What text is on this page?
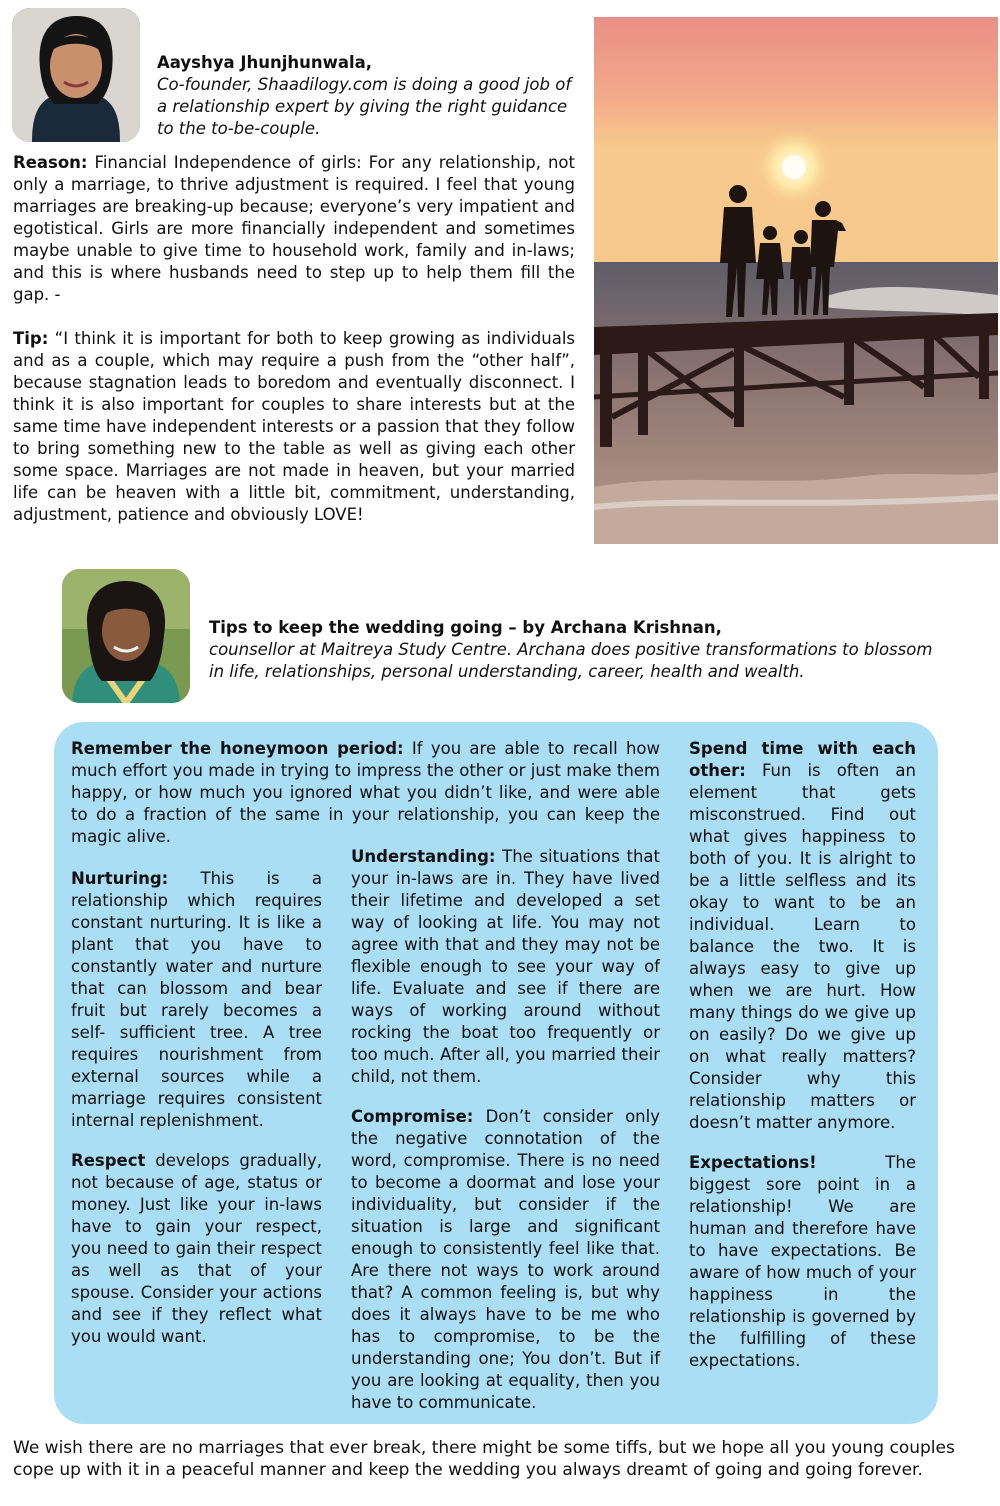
Aayshya Jhunjhunwala,
Co-founder, Shaadilogy.com is doing a good job of a relationship expert by giving the right guidance to the to-be-couple.
Reason: Financial Independence of girls: For any relationship, not only a marriage, to thrive adjustment is required. I feel that young marriages are breaking-up because; everyone’s very impatient and egotistical. Girls are more financially independent and sometimes maybe unable to give time to household work, family and in-laws; and this is where husbands need to step up to help them fill the gap. -
Tip: “I think it is important for both to keep growing as individuals and as a couple, which may require a push from the “other half”, because stagnation leads to boredom and eventually disconnect. I think it is also important for couples to share interests but at the same time have independent interests or a passion that they follow to bring something new to the table as well as giving each other some space. Marriages are not made in heaven, but your married life can be heaven with a little bit, commitment, understanding, adjustment, patience and obviously LOVE!
Tips to keep the wedding going – by Archana Krishnan,
counsellor at Maitreya Study Centre. Archana does positive transformations to blossom in life, relationships, personal understanding, career, health and wealth.
Remember the honeymoon period: If you are able to recall how much effort you made in trying to impress the other or just make them happy, or how much you ignored what you didn’t like, and were able to do a fraction of the same in your relationship, you can keep the magic alive.

Nurturing: This is a relationship which requires constant nurturing. It is like a plant that you have to constantly water and nurture that can blossom and bear fruit but rarely becomes a self- sufficient tree. A tree requires nourishment from external sources while a marriage requires consistent internal replenishment.

Respect develops gradually, not because of age, status or money. Just like your in-laws have to gain your respect, you need to gain their respect as well as that of your spouse. Consider your actions and see if they reflect what you would want.

Understanding: The situations that your in-laws are in. They have lived their lifetime and developed a set way of looking at life. You may not agree with that and they may not be flexible enough to see your way of life. Evaluate and see if there are ways of working around without rocking the boat too frequently or too much. After all, you married their child, not them.

Compromise: Don’t consider only the negative connotation of the word, compromise. There is no need to become a doormat and lose your individuality, but consider if the situation is large and significant enough to consistently feel like that. Are there not ways to work around that? A common feeling is, but why does it always have to be me who has to compromise, to be the understanding one; You don’t. But if you are looking at equality, then you have to communicate.

Spend time with each other: Fun is often an element that gets misconstrued. Find out what gives happiness to both of you. It is alright to be a little selfless and its okay to want to be an individual. Learn to balance the two. It is always easy to give up when we are hurt. How many things do we give up on easily? Do we give up on what really matters? Consider why this relationship matters or doesn’t matter anymore.

Expectations! The biggest sore point in a relationship! We are human and therefore have to have expectations. Be aware of how much of your happiness in the relationship is governed by the fulfilling of these expectations.

We wish there are no marriages that ever break, there might be some tiffs, but we hope all you young couples cope up with it in a peaceful manner and keep the wedding you always dreamt of going and going forever.
